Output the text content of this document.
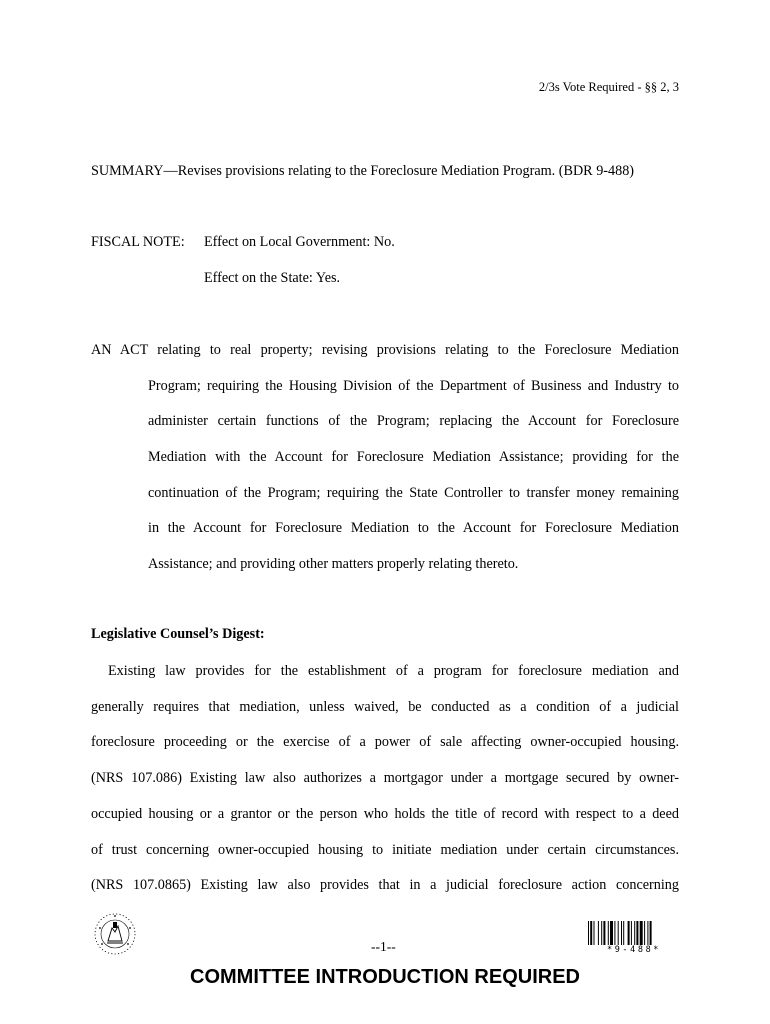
2/3s Vote Required - §§ 2, 3
SUMMARY—Revises provisions relating to the Foreclosure Mediation Program. (BDR 9-488)
FISCAL NOTE: Effect on Local Government: No.
Effect on the State: Yes.
AN ACT relating to real property; revising provisions relating to the Foreclosure Mediation
Program; requiring the Housing Division of the Department of Business and Industry to
administer certain functions of the Program; replacing the Account for Foreclosure
Mediation with the Account for Foreclosure Mediation Assistance; providing for the
continuation of the Program; requiring the State Controller to transfer money remaining
in the Account for Foreclosure Mediation to the Account for Foreclosure Mediation
Assistance; and providing other matters properly relating thereto.
Legislative Counsel’s Digest:
Existing law provides for the establishment of a program for foreclosure mediation and
generally requires that mediation, unless waived, be conducted as a condition of a judicial
foreclosure proceeding or the exercise of a power of sale affecting owner-occupied housing.
(NRS 107.086) Existing law also authorizes a mortgagor under a mortgage secured by owner-
occupied housing or a grantor or the person who holds the title of record with respect to a deed
of trust concerning owner-occupied housing to initiate mediation under certain circumstances.
(NRS 107.0865) Existing law also provides that in a judicial foreclosure action concerning
--1--	*9-488*
COMMITTEE INTRODUCTION REQUIRED
